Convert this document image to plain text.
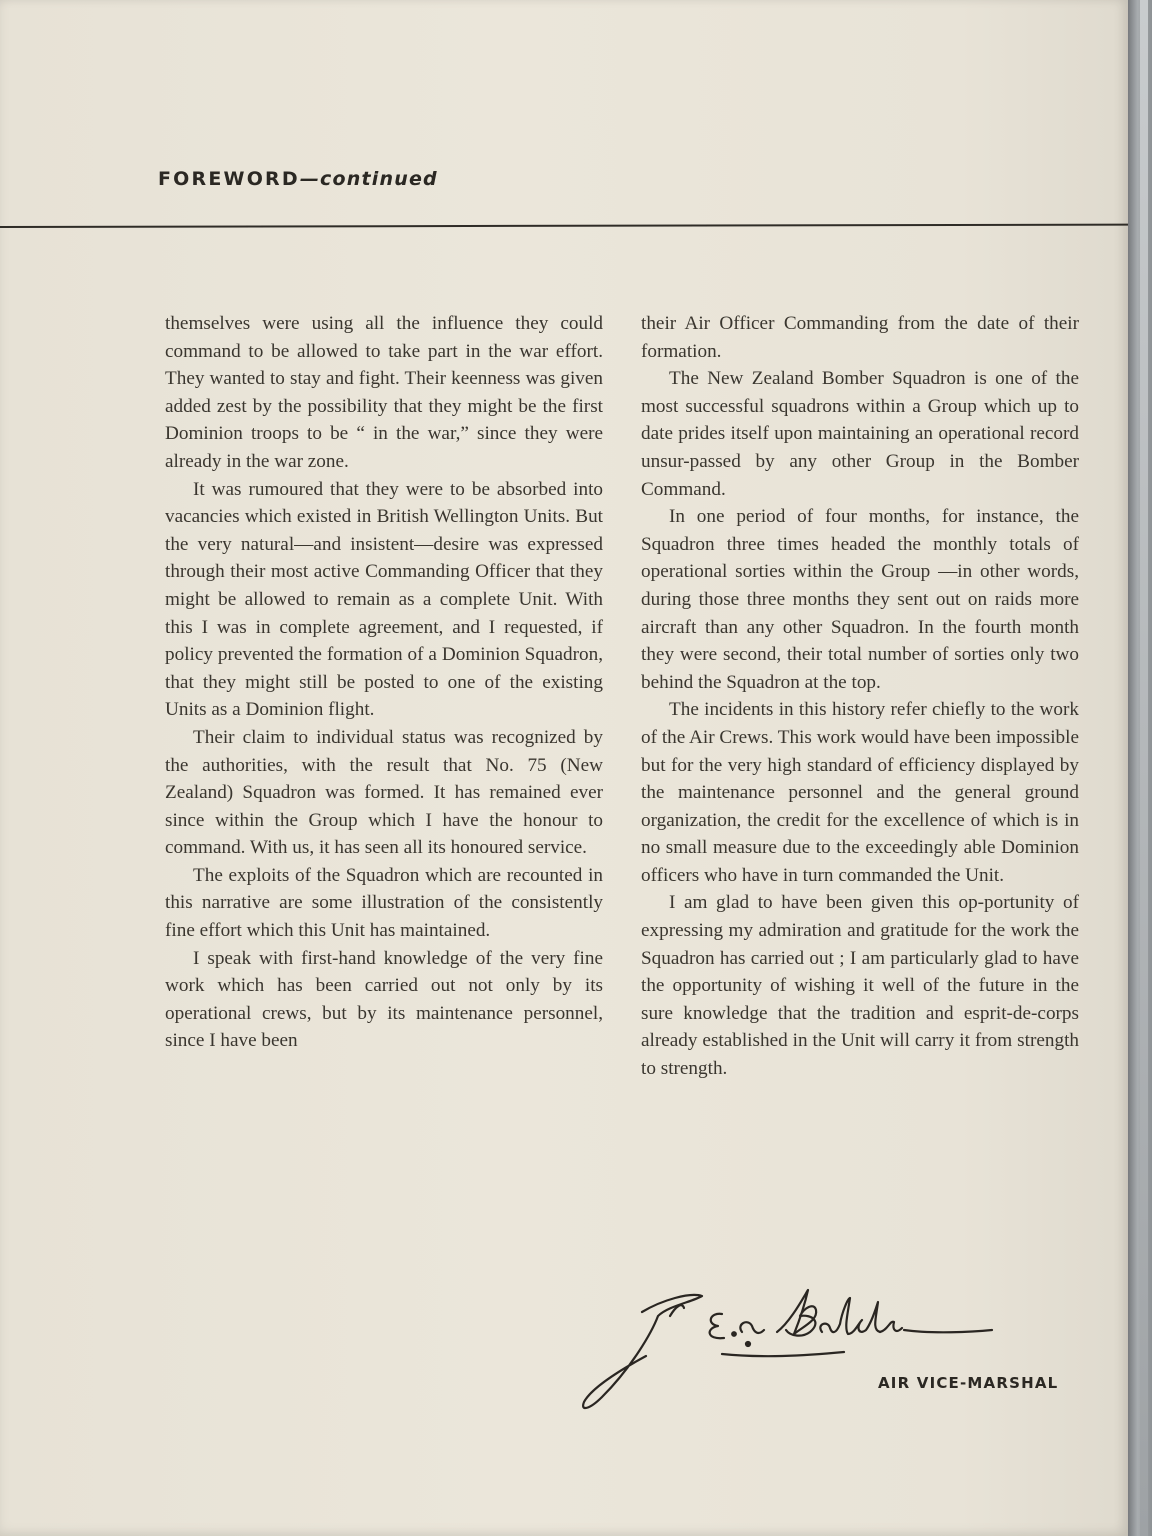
FOREWORD—continued

themselves were using all the influence they could command to be allowed to take part in the war effort. They wanted to stay and fight. Their keenness was given added zest by the possibility that they might be the first Dominion troops to be “ in the war,” since they were already in the war zone.

It was rumoured that they were to be absorbed into vacancies which existed in British Wellington Units. But the very natural—and insistent—desire was expressed through their most active Commanding Officer that they might be allowed to remain as a complete Unit. With this I was in complete agreement, and I requested, if policy prevented the formation of a Dominion Squadron, that they might still be posted to one of the existing Units as a Dominion flight.

Their claim to individual status was recognized by the authorities, with the result that No. 75 (New Zealand) Squadron was formed. It has remained ever since within the Group which I have the honour to command. With us, it has seen all its honoured service.

The exploits of the Squadron which are recounted in this narrative are some illustration of the consistently fine effort which this Unit has maintained.

I speak with first-hand knowledge of the very fine work which has been carried out not only by its operational crews, but by its maintenance personnel, since I have been

their Air Officer Commanding from the date of their formation.

The New Zealand Bomber Squadron is one of the most successful squadrons within a Group which up to date prides itself upon maintaining an operational record unsur-passed by any other Group in the Bomber Command.

In one period of four months, for instance, the Squadron three times headed the monthly totals of operational sorties within the Group —in other words, during those three months they sent out on raids more aircraft than any other Squadron. In the fourth month they were second, their total number of sorties only two behind the Squadron at the top.

The incidents in this history refer chiefly to the work of the Air Crews. This work would have been impossible but for the very high standard of efficiency displayed by the maintenance personnel and the general ground organization, the credit for the excellence of which is in no small measure due to the exceedingly able Dominion officers who have in turn commanded the Unit.

I am glad to have been given this op-portunity of expressing my admiration and gratitude for the work the Squadron has carried out ; I am particularly glad to have the opportunity of wishing it well of the future in the sure knowledge that the tradition and esprit-de-corps already established in the Unit will carry it from strength to strength.

AIR VICE-MARSHAL
